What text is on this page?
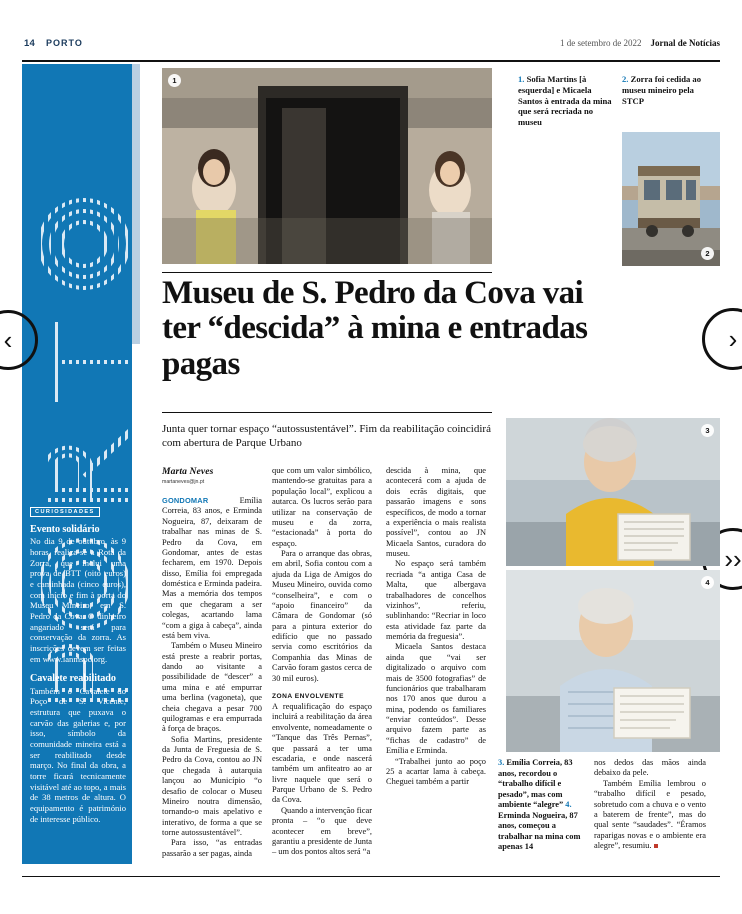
14 PORTO	1 de setembro de 2022 Jornal de Notícias
CURIOSIDADES
Evento solidário

No dia 9 de outubro, às 9 horas, realiza-se a Rota da Zorra, que inclui uma prova de BTT (oito euros) e caminhada (cinco euros), com início e fim à porta do Museu Mineiro, em S. Pedro da Cova. O dinheiro angariado será para conservação da zorra. As inscrições devem ser feitas em www.lanmspc.org.

Cavalete reabilitado

Também o Cavalete do Poço de S. Vicente, estrutura que puxava o carvão das galerias e, por isso, símbolo da comunidade mineira está a ser reabilitado desde março. No final da obra, a torre ficará tecnicamente visitável até ao topo, a mais de 38 metros de altura. O equipamento é património de interesse público.

‹	›
››
1	1. Sofia Martins [à esquerda] e Micaela Santos à entrada da mina que será recriada no museu
2. Zorra foi cedida ao museu mineiro pela STCP
2
Museu de S. Pedro da Cova vai ter “descida” à mina e entradas pagas

Junta quer tornar espaço “autossustentável”. Fim da reabilitação coincidirá com abertura de Parque Urbano

Marta Neves
martaneves@jn.pt

GONDOMAR	Emília Correia, 83 anos, e Erminda Nogueira, 87, deixaram de trabalhar nas minas de S. Pedro da Cova, em Gondomar, antes de estas fecharem, em 1970. Depois disso, Emília foi empregada doméstica e Erminda padeira. Mas a memória dos tempos em que chegaram a ser colegas, acartando lama “com a giga à cabeça”, ainda está bem viva.

Também o Museu Mineiro está preste a reabrir portas, dando ao visitante a possibilidade de “descer” a uma mina e até empurrar uma berlina (vagoneta), que cheia chegava a pesar 700 quilogramas e era empurrada à força de braços.

Sofia Martins, presidente da Junta de Freguesia de S. Pedro da Cova, contou ao JN que chegada à autarquia lançou ao Município “o desafio de colocar o Museu Mineiro noutra dimensão, tornando-o mais apelativo e interativo, de forma a que se torne autossustentável”.

Para isso, “as entradas passarão a ser pagas, ainda

que com um valor simbólico, mantendo-se gratuitas para a população local”, explicou a autarca. Os lucros serão para utilizar na conservação de museu e da zorra, “estacionada” à porta do espaço.

Para o arranque das obras, em abril, Sofia contou com a ajuda da Liga de Amigos do Museu Mineiro, ouvida como “conselheira”, e com o “apoio financeiro” da Câmara de Gondomar (só para a pintura exterior do edifício que no passado servia como escritórios da Companhia das Minas de Carvão foram gastos cerca de 30 mil euros).

ZONA ENVOLVENTE

A requalificação do espaço incluirá a reabilitação da área envolvente, nomeadamente o “Tanque das Três Pernas”, que passará a ter uma escadaria, e onde nascerá também um anfiteatro ao ar livre naquele que será o Parque Urbano de S. Pedro da Cova.

Quando a intervenção ficar pronta – “o que deve acontecer em breve”, garantiu a presidente de Junta – um dos pontos altos será “a

descida à mina, que acontecerá com a ajuda de dois ecrãs digitais, que passarão imagens e sons específicos, de modo a tornar a experiência o mais realista possível”, contou ao JN Micaela Santos, curadora do museu.

No espaço será também recriada “a antiga Casa de Malta, que albergava trabalhadores de concelhos vizinhos”, referiu, sublinhando: “Recriar in loco esta atividade faz parte da memória da freguesia”.

Micaela Santos destaca ainda que “vai ser digitalizado o arquivo com mais de 3500 fotografias” de funcionários que trabalharam nos 170 anos que durou a mina, podendo os familiares “enviar conteúdos”. Desse arquivo fazem parte as “fichas de cadastro” de Emília e Erminda.

“Trabalhei junto ao poço 25 a acartar lama à cabeça. Cheguei também a partir

3
4
3. Emília Correia, 83 anos, recordou o “trabalho difícil e pesado”, mas com ambiente “alegre” 4. Erminda Nogueira, 87 anos, começou a trabalhar na mina com apenas 14

nos dedos das mãos ainda debaixo da pele.

Também Emília lembrou o “trabalho difícil e pesado, sobretudo com a chuva e o vento a baterem de frente”, mas do qual sente “saudades”. “Éramos raparigas novas e o ambiente era alegre”, resumiu.
